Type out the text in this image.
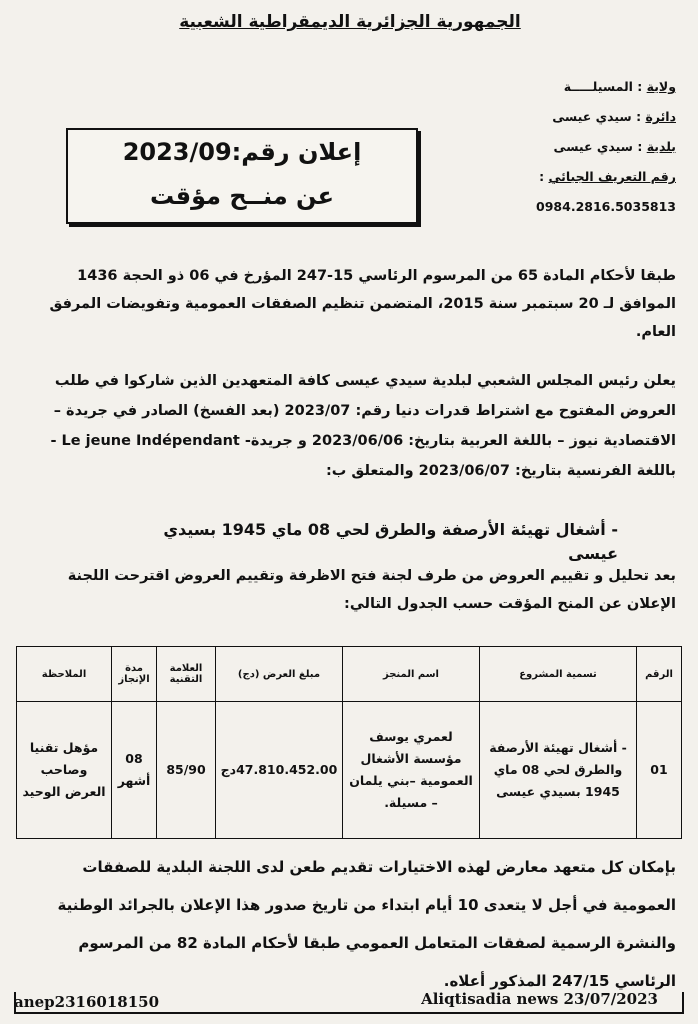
الجمهورية الجزائرية الديمقراطية الشعبية
ولاية : المسيلـــــة
دائرة : سيدي عيسى
بلدية : سيدي عيسى
رقم التعريف الجبائي : 0984.2816.5035813
إعلان رقم:2023/09
عن منــح مؤقت
طبقا لأحكام المادة 65 من المرسوم الرئاسي 15-247 المؤرخ في 06 ذو الحجة 1436 الموافق لـ 20 سبتمبر سنة 2015، المتضمن تنظيم الصفقات العمومية وتفويضات المرفق العام.
يعلن رئيس المجلس الشعبي لبلدية سيدي عيسى كافة المتعهدين الذين شاركوا في طلب العروض المفتوح مع اشتراط قدرات دنيا رقم: 2023/07 (بعد الفسخ) الصادر في جريدة – الاقتصادية نيوز – باللغة العربية بتاريخ: 2023/06/06 و جريدة- Le jeune Indépendant - باللغة الفرنسية بتاريخ: 2023/06/07 والمتعلق ب:
- أشغال تهيئة الأرصفة والطرق لحي 08 ماي 1945 بسيدي عيسى
بعد تحليل و تقييم العروض من طرف لجنة فتح الاظرفة وتقييم العروض اقترحت اللجنة الإعلان عن المنح المؤقت حسب الجدول التالي:
الرقم	تسمية المشروع	اسم المنجز	مبلغ العرض (دج)	العلامة التقنية	مدة الإنجاز	الملاحظة
01	- أشغال تهيئة الأرصفة والطرق لحي 08 ماي 1945 بسيدي عيسى	لعمري يوسف مؤسسة الأشغال العمومية –بني يلمان – مسيلة.	47.810.452.00دج	85/90	08 أشهر	مؤهل تقنيا وصاحب العرض الوحيد
بإمكان كل متعهد معارض لهذه الاختيارات تقديم طعن لدى اللجنة البلدية للصفقات العمومية في أجل لا يتعدى 10 أيام ابتداء من تاريخ صدور هذا الإعلان بالجرائد الوطنية والنشرة الرسمية لصفقات المتعامل العمومي طبقا لأحكام المادة 82 من المرسوم الرئاسي 247/15 المذكور أعلاه.
anep2316018150	Aliqtisadia news 23/07/2023
